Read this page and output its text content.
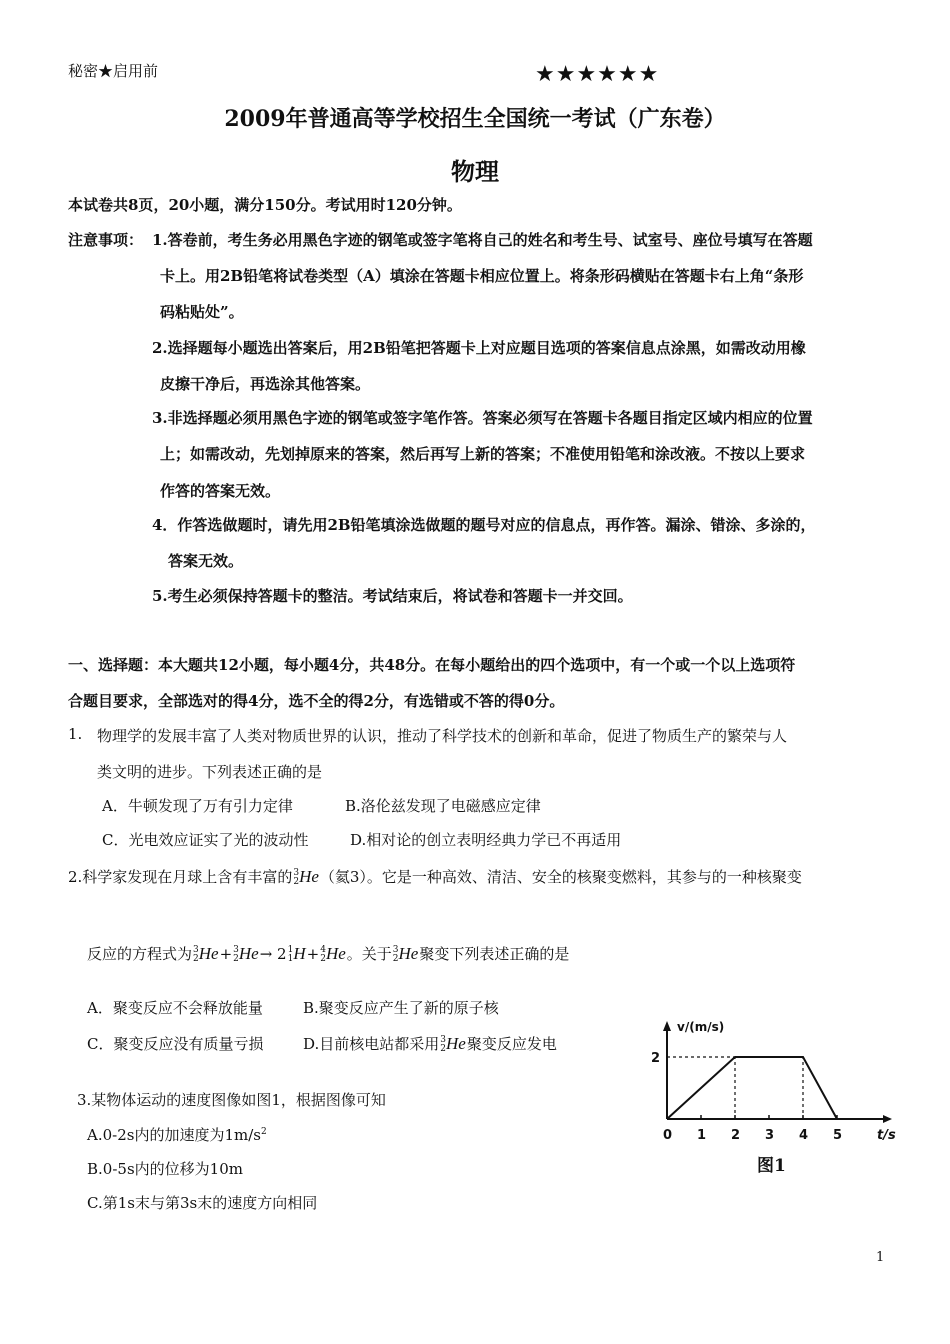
秘密★启用前	★★★★★★
2009年普通高等学校招生全国统一考试（广东卷）
物理
本试卷共8页，20小题，满分150分。考试用时120分钟。
注意事项： 1.答卷前，考生务必用黑色字迹的钢笔或签字笔将自己的姓名和考生号、试室号、座位号填写在答题
卡上。用2B铅笔将试卷类型（A）填涂在答题卡相应位置上。将条形码横贴在答题卡右上角“条形
码粘贴处”。
2.选择题每小题选出答案后，用2B铅笔把答题卡上对应题目选项的答案信息点涂黑，如需改动用橡
皮擦干净后，再选涂其他答案。
3.非选择题必须用黑色字迹的钢笔或签字笔作答。答案必须写在答题卡各题目指定区域内相应的位置
上；如需改动，先划掉原来的答案，然后再写上新的答案；不准使用铅笔和涂改液。不按以上要求
作答的答案无效。
4．作答选做题时，请先用2B铅笔填涂选做题的题号对应的信息点，再作答。漏涂、错涂、多涂的，
答案无效。
5.考生必须保持答题卡的整洁。考试结束后，将试卷和答题卡一并交回。
一、选择题：本大题共12小题，每小题4分，共48分。在每小题给出的四个选项中，有一个或一个以上选项符
合题目要求，全部选对的得4分，选不全的得2分，有选错或不答的得0分。
1. 物理学的发展丰富了人类对物质世界的认识，推动了科学技术的创新和革命，促进了物质生产的繁荣与人
类文明的进步。下列表述正确的是
A．牛顿发现了万有引力定律	B.洛伦兹发现了电磁感应定律
C．光电效应证实了光的波动性	D.相对论的创立表明经典力学已不再适用
2.科学家发现在月球上含有丰富的3
2He（氦3）。它是一种高效、清洁、安全的核聚变燃料，其参与的一种核聚变
反应的方程式为3
2He+3
2He→ 21
1H+4
2He。关于3
2He聚变下列表述正确的是
A．聚变反应不会释放能量	B.聚变反应产生了新的原子核
C．聚变反应没有质量亏损	D.目前核电站都采用3
2He聚变反应发电
3.某物体运动的速度图像如图1，根据图像可知
A.0-2s内的加速度为$1m/s^2$
B.0-5s内的位移为10m
C.第1s末与第3s末的速度方向相同
0 1 2 3 4 5
2
v/(m/s)
t/s
图1
1
